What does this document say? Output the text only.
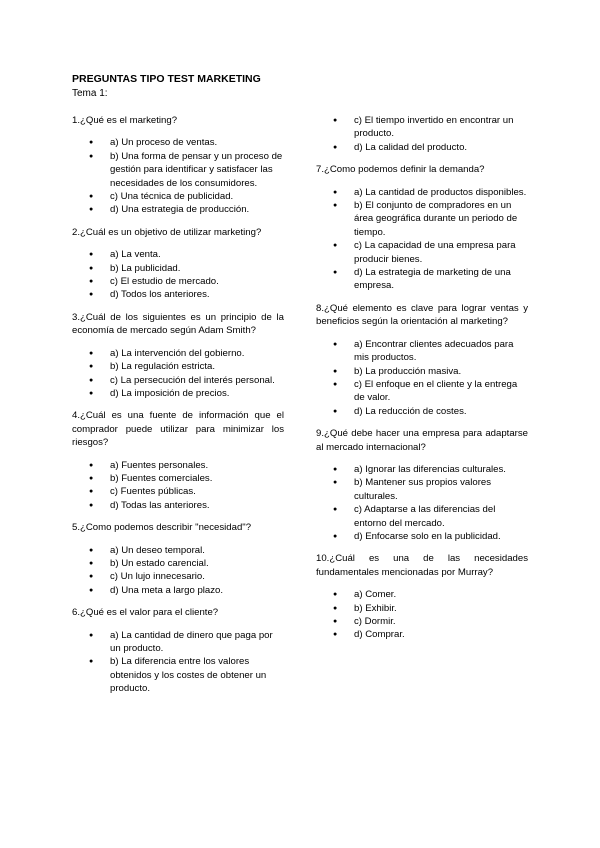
PREGUNTAS TIPO TEST MARKETING
Tema 1:

1.¿Qué es el marketing?

● a) Un proceso de ventas.
● b) Una forma de pensar y un proceso de gestión para identificar y satisfacer las necesidades de los consumidores.
● c) Una técnica de publicidad.
● d) Una estrategia de producción.

2.¿Cuál es un objetivo de utilizar marketing?

● a) La venta.
● b) La publicidad.
● c) El estudio de mercado.
● d) Todos los anteriores.

3.¿Cuál de los siguientes es un principio de la economía de mercado según Adam Smith?

● a) La intervención del gobierno.
● b) La regulación estricta.
● c) La persecución del interés personal.
● d) La imposición de precios.

4.¿Cuál es una fuente de información que el comprador puede utilizar para minimizar los riesgos?

● a) Fuentes personales.
● b) Fuentes comerciales.
● c) Fuentes públicas.
● d) Todas las anteriores.

5.¿Como podemos describir "necesidad"?

● a) Un deseo temporal.
● b) Un estado carencial.
● c) Un lujo innecesario.
● d) Una meta a largo plazo.

6.¿Qué es el valor para el cliente?

● a) La cantidad de dinero que paga por un producto.
● b) La diferencia entre los valores obtenidos y los costes de obtener un producto.
● c) El tiempo invertido en encontrar un producto.
● d) La calidad del producto.

7.¿Como podemos definir la demanda?

● a) La cantidad de productos disponibles.
● b) El conjunto de compradores en un área geográfica durante un periodo de tiempo.
● c) La capacidad de una empresa para producir bienes.
● d) La estrategia de marketing de una empresa.

8.¿Qué elemento es clave para lograr ventas y beneficios según la orientación al marketing?

● a) Encontrar clientes adecuados para mis productos.
● b) La producción masiva.
● c) El enfoque en el cliente y la entrega de valor.
● d) La reducción de costes.

9.¿Qué debe hacer una empresa para adaptarse al mercado internacional?

● a) Ignorar las diferencias culturales.
● b) Mantener sus propios valores culturales.
● c) Adaptarse a las diferencias del entorno del mercado.
● d) Enfocarse solo en la publicidad.

10.¿Cuál es una de las necesidades fundamentales mencionadas por Murray?

● a) Comer.
● b) Exhibir.
● c) Dormir.
● d) Comprar.
